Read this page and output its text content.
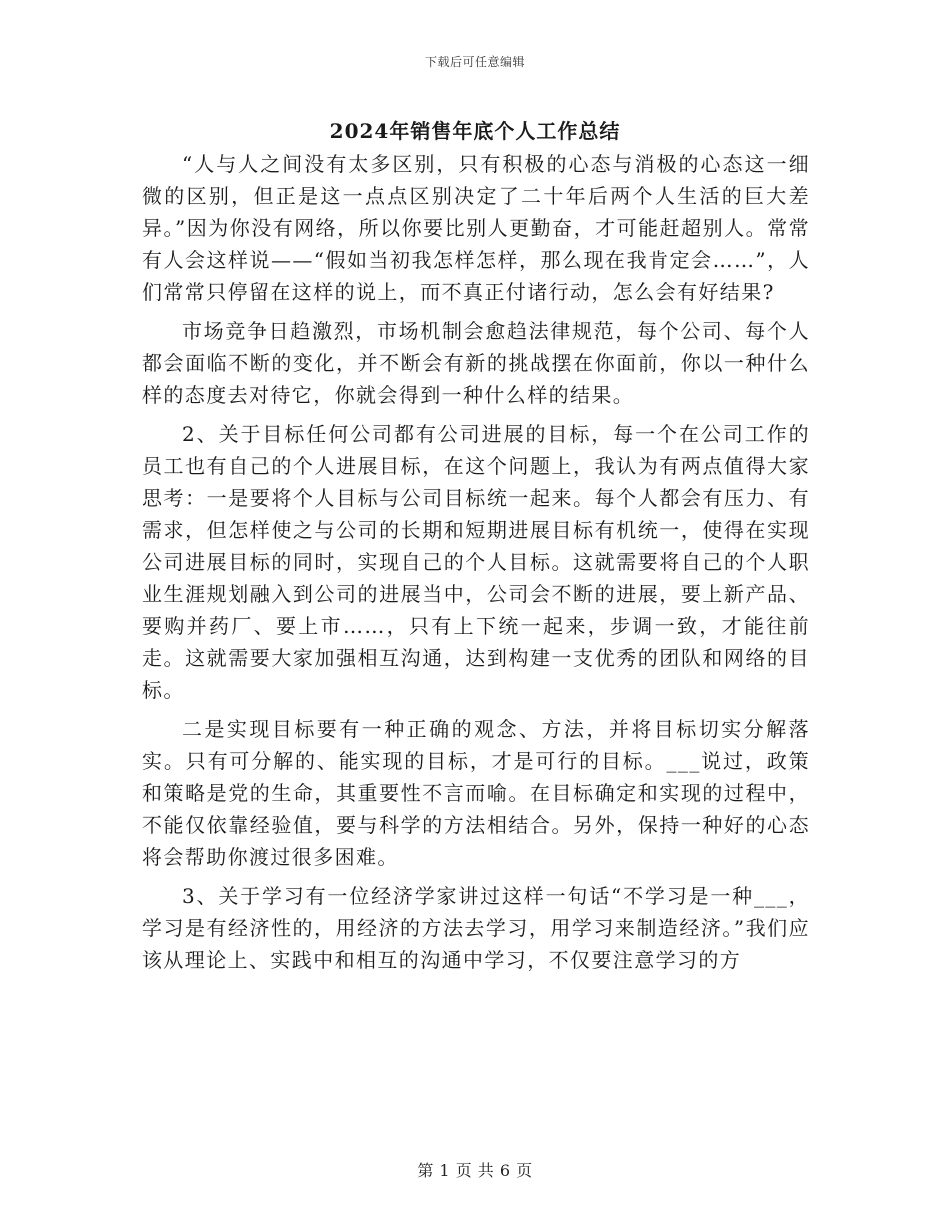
下载后可任意编辑
2024年销售年底个人工作总结

“人与人之间没有太多区别，只有积极的心态与消极的心态这一细微的区别，但正是这一点点区别决定了二十年后两个人生活的巨大差异。”因为你没有网络，所以你要比别人更勤奋，才可能赶超别人。常常有人会这样说——“假如当初我怎样怎样，那么现在我肯定会……”，人们常常只停留在这样的说上，而不真正付诸行动，怎么会有好结果?

市场竞争日趋激烈，市场机制会愈趋法律规范，每个公司、每个人都会面临不断的变化，并不断会有新的挑战摆在你面前，你以一种什么样的态度去对待它，你就会得到一种什么样的结果。

2、关于目标任何公司都有公司进展的目标，每一个在公司工作的员工也有自己的个人进展目标，在这个问题上，我认为有两点值得大家思考：一是要将个人目标与公司目标统一起来。每个人都会有压力、有需求，但怎样使之与公司的长期和短期进展目标有机统一，使得在实现公司进展目标的同时，实现自己的个人目标。这就需要将自己的个人职业生涯规划融入到公司的进展当中，公司会不断的进展，要上新产品、要购并药厂、要上市……，只有上下统一起来，步调一致，才能往前走。这就需要大家加强相互沟通，达到构建一支优秀的团队和网络的目标。

二是实现目标要有一种正确的观念、方法，并将目标切实分解落实。只有可分解的、能实现的目标，才是可行的目标。___说过，政策和策略是党的生命，其重要性不言而喻。在目标确定和实现的过程中，不能仅依靠经验值，要与科学的方法相结合。另外，保持一种好的心态将会帮助你渡过很多困难。

3、关于学习有一位经济学家讲过这样一句话“不学习是一种___，学习是有经济性的，用经济的方法去学习，用学习来制造经济。”我们应该从理论上、实践中和相互的沟通中学习，不仅要注意学习的方

第 1 页 共 6 页
